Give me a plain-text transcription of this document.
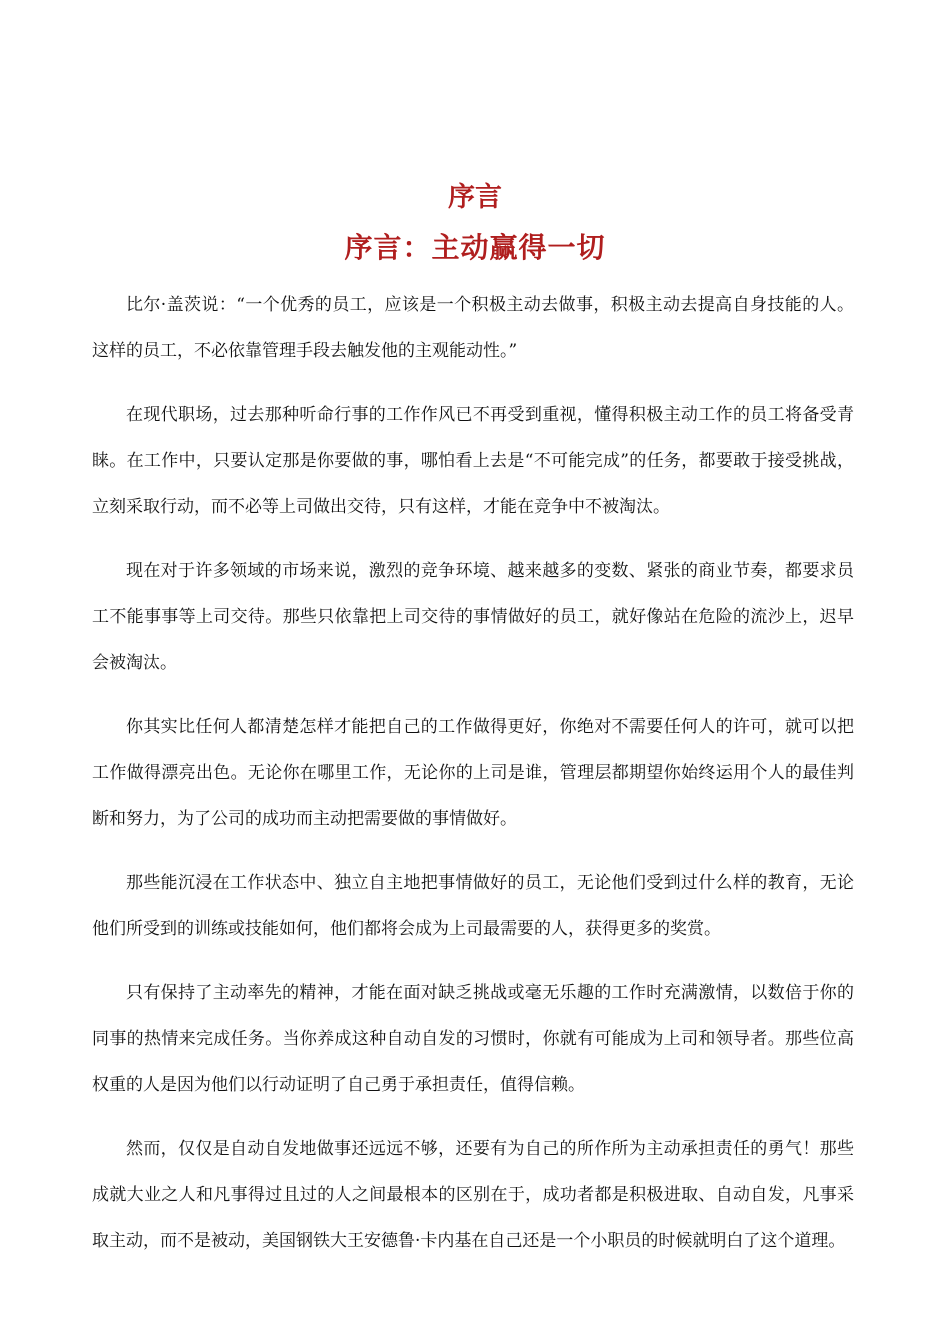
序言
序言：主动赢得一切

比尔·盖茨说：“一个优秀的员工，应该是一个积极主动去做事，积极主动去提高自身技能的人。这样的员工，不必依靠管理手段去触发他的主观能动性。”

在现代职场，过去那种听命行事的工作作风已不再受到重视，懂得积极主动工作的员工将备受青睐。在工作中，只要认定那是你要做的事，哪怕看上去是“不可能完成”的任务，都要敢于接受挑战，立刻采取行动，而不必等上司做出交待，只有这样，才能在竞争中不被淘汰。

现在对于许多领域的市场来说，激烈的竞争环境、越来越多的变数、紧张的商业节奏，都要求员工不能事事等上司交待。那些只依靠把上司交待的事情做好的员工，就好像站在危险的流沙上，迟早会被淘汰。

你其实比任何人都清楚怎样才能把自己的工作做得更好，你绝对不需要任何人的许可，就可以把工作做得漂亮出色。无论你在哪里工作，无论你的上司是谁，管理层都期望你始终运用个人的最佳判断和努力，为了公司的成功而主动把需要做的事情做好。

那些能沉浸在工作状态中、独立自主地把事情做好的员工，无论他们受到过什么样的教育，无论他们所受到的训练或技能如何，他们都将会成为上司最需要的人，获得更多的奖赏。

只有保持了主动率先的精神，才能在面对缺乏挑战或毫无乐趣的工作时充满激情，以数倍于你的同事的热情来完成任务。当你养成这种自动自发的习惯时，你就有可能成为上司和领导者。那些位高权重的人是因为他们以行动证明了自己勇于承担责任，值得信赖。

然而，仅仅是自动自发地做事还远远不够，还要有为自己的所作所为主动承担责任的勇气！那些成就大业之人和凡事得过且过的人之间最根本的区别在于，成功者都是积极进取、自动自发，凡事采取主动，而不是被动，美国钢铁大王安德鲁·卡内基在自己还是一个小职员的时候就明白了这个道理。
